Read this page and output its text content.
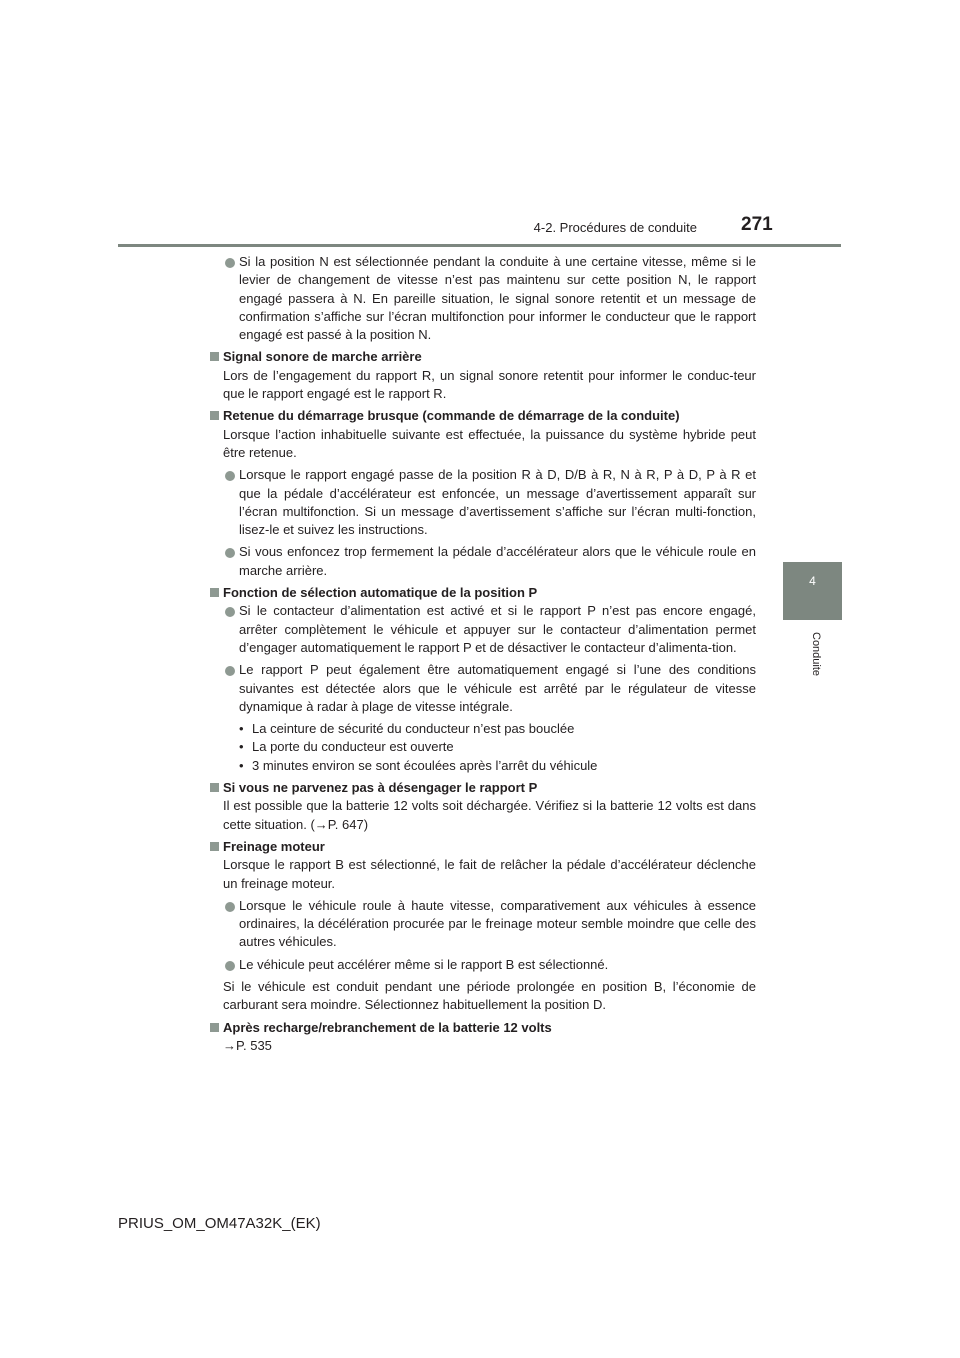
4-2. Procédures de conduite 271
4
Conduite

Si la position N est sélectionnée pendant la conduite à une certaine vitesse, même si le levier de changement de vitesse n’est pas maintenu sur cette position N, le rapport engagé passera à N. En pareille situation, le signal sonore retentit et un message de confirmation s’affiche sur l’écran multifonction pour informer le conducteur que le rapport engagé est passé à la position N.

Signal sonore de marche arrière

Lors de l’engagement du rapport R, un signal sonore retentit pour informer le conduc-teur que le rapport engagé est le rapport R.

Retenue du démarrage brusque (commande de démarrage de la conduite)

Lorsque l’action inhabituelle suivante est effectuée, la puissance du système hybride peut être retenue.

Lorsque le rapport engagé passe de la position R à D, D/B à R, N à R, P à D, P à R et que la pédale d’accélérateur est enfoncée, un message d’avertissement apparaît sur l’écran multifonction. Si un message d’avertissement s’affiche sur l’écran multi-fonction, lisez-le et suivez les instructions.

Si vous enfoncez trop fermement la pédale d’accélérateur alors que le véhicule roule en marche arrière.

Fonction de sélection automatique de la position P

Si le contacteur d’alimentation est activé et si le rapport P n’est pas encore engagé, arrêter complètement le véhicule et appuyer sur le contacteur d’alimentation permet d’engager automatiquement le rapport P et de désactiver le contacteur d’alimenta-tion.

Le rapport P peut également être automatiquement engagé si l’une des conditions suivantes est détectée alors que le véhicule est arrêté par le régulateur de vitesse dynamique à radar à plage de vitesse intégrale.

• La ceinture de sécurité du conducteur n’est pas bouclée

• La porte du conducteur est ouverte

• 3 minutes environ se sont écoulées après l’arrêt du véhicule

Si vous ne parvenez pas à désengager le rapport P

Il est possible que la batterie 12 volts soit déchargée. Vérifiez si la batterie 12 volts est dans cette situation. (→P. 647)

Freinage moteur

Lorsque le rapport B est sélectionné, le fait de relâcher la pédale d’accélérateur déclenche un freinage moteur.

Lorsque le véhicule roule à haute vitesse, comparativement aux véhicules à essence ordinaires, la décélération procurée par le freinage moteur semble moindre que celle des autres véhicules.

Le véhicule peut accélérer même si le rapport B est sélectionné.

Si le véhicule est conduit pendant une période prolongée en position B, l’économie de carburant sera moindre. Sélectionnez habituellement la position D.

Après recharge/rebranchement de la batterie 12 volts

→P. 535

PRIUS_OM_OM47A32K_(EK)
